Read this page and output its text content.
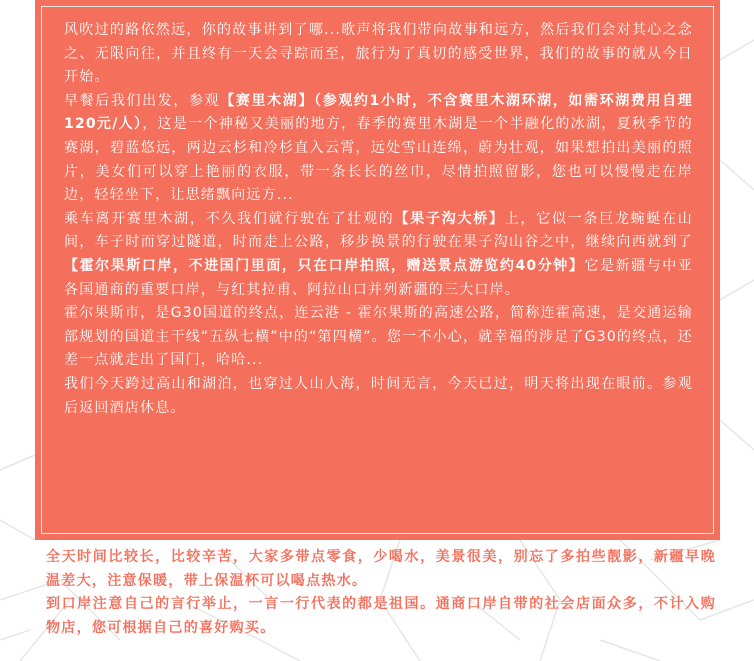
风吹过的路依然远，你的故事讲到了哪...歌声将我们带向故事和远方，然后我们会对其心之念之、无限向往，并且终有一天会寻踪而至，旅行为了真切的感受世界，我们的故事的就从今日开始。

早餐后我们出发，参观【赛里木湖】（参观约1小时，不含赛里木湖环湖，如需环湖费用自理120元/人），这是一个神秘又美丽的地方，春季的赛里木湖是一个半融化的冰湖，夏秋季节的赛湖，碧蓝悠远，两边云杉和冷杉直入云霄，远处雪山连绵，蔚为壮观，如果想拍出美丽的照片，美女们可以穿上艳丽的衣服，带一条长长的丝巾，尽情拍照留影，您也可以慢慢走在岸边，轻轻坐下，让思绪飘向远方...

乘车离开赛里木湖，不久我们就行驶在了壮观的【果子沟大桥】上，它似一条巨龙蜿蜒在山间，车子时而穿过隧道，时而走上公路，移步换景的行驶在果子沟山谷之中，继续向西就到了【霍尔果斯口岸，不进国门里面，只在口岸拍照，赠送景点游览约40分钟】它是新疆与中亚各国通商的重要口岸，与红其拉甫、阿拉山口并列新疆的三大口岸。

霍尔果斯市，是G30国道的终点，连云港 - 霍尔果斯的高速公路，简称连霍高速，是交通运输部规划的国道主干线“五纵七横”中的“第四横”。您一不小心，就幸福的涉足了G30的终点，还差一点就走出了国门，哈哈...

我们今天跨过高山和湖泊，也穿过人山人海，时间无言，今天已过，明天将出现在眼前。参观后返回酒店休息。

全天时间比较长，比较辛苦，大家多带点零食，少喝水，美景很美，别忘了多拍些靓影，新疆早晚温差大，注意保暖，带上保温杯可以喝点热水。

到口岸注意自己的言行举止，一言一行代表的都是祖国。通商口岸自带的社会店面众多，不计入购物店，您可根据自己的喜好购买。
